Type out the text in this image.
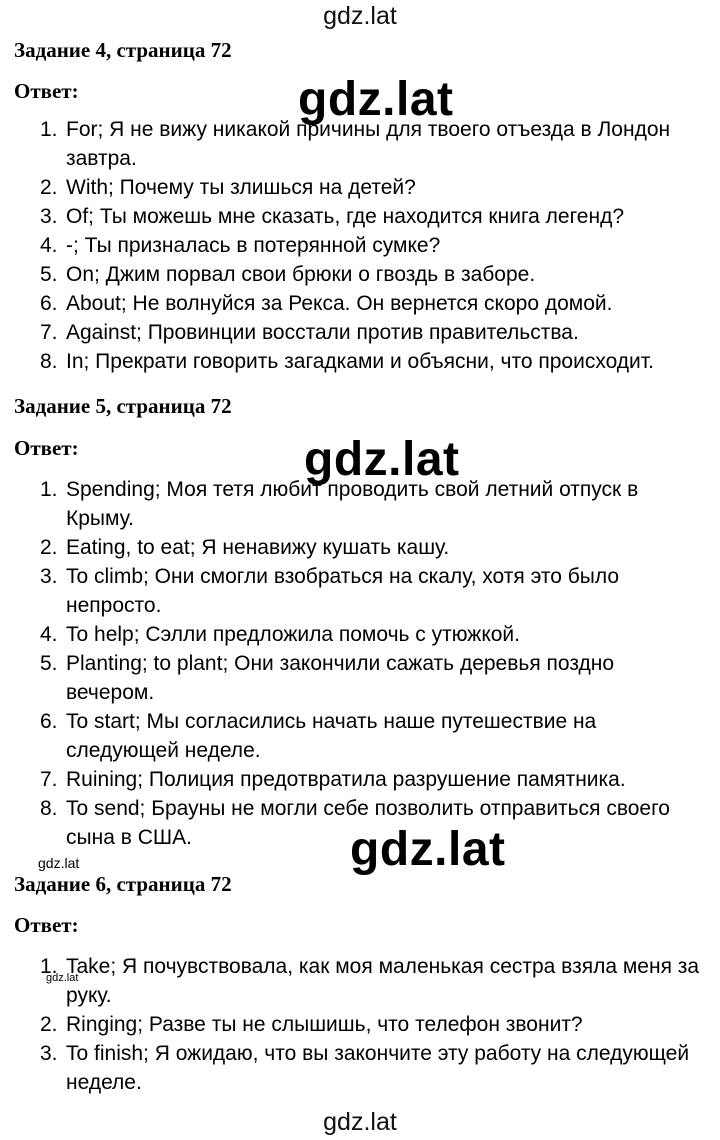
gdz.lat
Задание 4, страница 72
Ответ:
1. For; Я не вижу никакой причины для твоего отъезда в Лондон завтра.
2. With; Почему ты злишься на детей?
3. Of; Ты можешь мне сказать, где находится книга легенд?
4. -; Ты призналась в потерянной сумке?
5. On; Джим порвал свои брюки о гвоздь в заборе.
6. About; Не волнуйся за Рекса. Он вернется скоро домой.
7. Against; Провинции восстали против правительства.
8. In; Прекрати говорить загадками и объясни, что происходит.
Задание 5, страница 72
Ответ:
1. Spending; Моя тетя любит проводить свой летний отпуск в Крыму.
2. Eating, to eat; Я ненавижу кушать кашу.
3. To climb; Они смогли взобраться на скалу, хотя это было непросто.
4. To help; Сэлли предложила помочь с утюжкой.
5. Planting; to plant; Они закончили сажать деревья поздно вечером.
6. To start; Мы согласились начать наше путешествие на следующей неделе.
7. Ruining; Полиция предотвратила разрушение памятника.
8. To send; Брауны не могли себе позволить отправиться своего сына в США.
gdz.lat
Задание 6, страница 72
Ответ:
1. Take; Я почувствовала, как моя маленькая сестра взяла меня за руку.
2. Ringing; Разве ты не слышишь, что телефон звонит?
3. To finish; Я ожидаю, что вы закончите эту работу на следующей неделе.
gdz.lat
gdz.lat
gdz.lat
gdz.lat
gdz.lat
